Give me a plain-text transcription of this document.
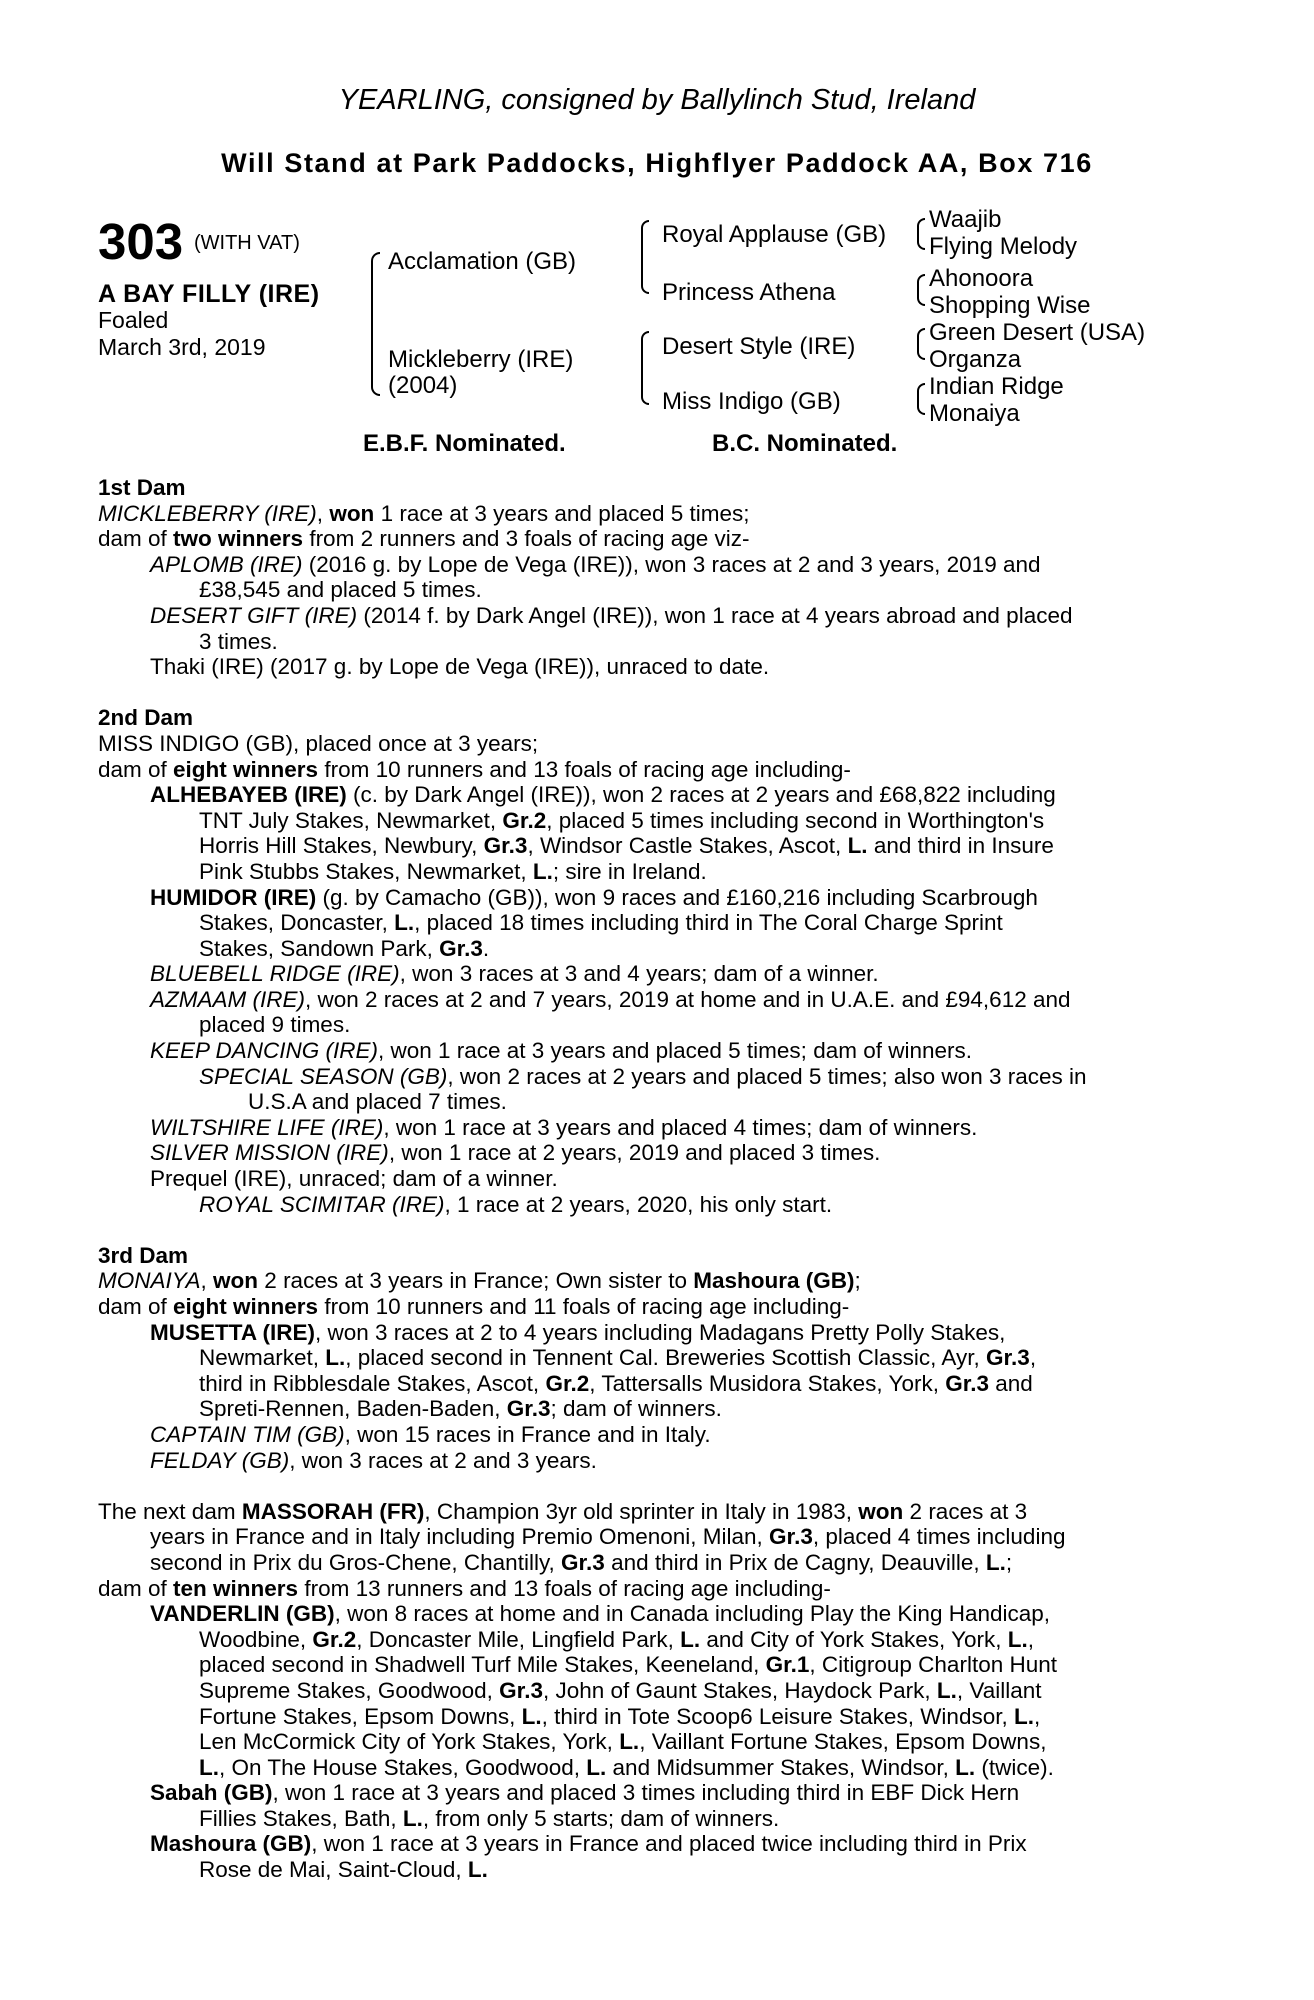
YEARLING, consigned by Ballylinch Stud, Ireland
Will Stand at Park Paddocks, Highflyer Paddock AA, Box 716
303 (WITH VAT)
A BAY FILLY (IRE)
Foaled
March 3rd, 2019
Acclamation (GB)
Mickleberry (IRE)
(2004)
Royal Applause (GB)
Princess Athena
Desert Style (IRE)
Miss Indigo (GB)
Waajib
Flying Melody
Ahonoora
Shopping Wise
Green Desert (USA)
Organza
Indian Ridge
Monaiya
E.B.F. Nominated.	B.C. Nominated.
1st Dam
MICKLEBERRY (IRE), won 1 race at 3 years and placed 5 times;
dam of two winners from 2 runners and 3 foals of racing age viz-
APLOMB (IRE) (2016 g. by Lope de Vega (IRE)), won 3 races at 2 and 3 years, 2019 and
£38,545 and placed 5 times.
DESERT GIFT (IRE) (2014 f. by Dark Angel (IRE)), won 1 race at 4 years abroad and placed
3 times.
Thaki (IRE) (2017 g. by Lope de Vega (IRE)), unraced to date.
2nd Dam
MISS INDIGO (GB), placed once at 3 years;
dam of eight winners from 10 runners and 13 foals of racing age including-
ALHEBAYEB (IRE) (c. by Dark Angel (IRE)), won 2 races at 2 years and £68,822 including
TNT July Stakes, Newmarket, Gr.2, placed 5 times including second in Worthington's
Horris Hill Stakes, Newbury, Gr.3, Windsor Castle Stakes, Ascot, L. and third in Insure
Pink Stubbs Stakes, Newmarket, L.; sire in Ireland.
HUMIDOR (IRE) (g. by Camacho (GB)), won 9 races and £160,216 including Scarbrough
Stakes, Doncaster, L., placed 18 times including third in The Coral Charge Sprint
Stakes, Sandown Park, Gr.3.
BLUEBELL RIDGE (IRE), won 3 races at 3 and 4 years; dam of a winner.
AZMAAM (IRE), won 2 races at 2 and 7 years, 2019 at home and in U.A.E. and £94,612 and
placed 9 times.
KEEP DANCING (IRE), won 1 race at 3 years and placed 5 times; dam of winners.
SPECIAL SEASON (GB), won 2 races at 2 years and placed 5 times; also won 3 races in
U.S.A and placed 7 times.
WILTSHIRE LIFE (IRE), won 1 race at 3 years and placed 4 times; dam of winners.
SILVER MISSION (IRE), won 1 race at 2 years, 2019 and placed 3 times.
Prequel (IRE), unraced; dam of a winner.
ROYAL SCIMITAR (IRE), 1 race at 2 years, 2020, his only start.
3rd Dam
MONAIYA, won 2 races at 3 years in France; Own sister to Mashoura (GB);
dam of eight winners from 10 runners and 11 foals of racing age including-
MUSETTA (IRE), won 3 races at 2 to 4 years including Madagans Pretty Polly Stakes,
Newmarket, L., placed second in Tennent Cal. Breweries Scottish Classic, Ayr, Gr.3,
third in Ribblesdale Stakes, Ascot, Gr.2, Tattersalls Musidora Stakes, York, Gr.3 and
Spreti-Rennen, Baden-Baden, Gr.3; dam of winners.
CAPTAIN TIM (GB), won 15 races in France and in Italy.
FELDAY (GB), won 3 races at 2 and 3 years.
The next dam MASSORAH (FR), Champion 3yr old sprinter in Italy in 1983, won 2 races at 3
years in France and in Italy including Premio Omenoni, Milan, Gr.3, placed 4 times including
second in Prix du Gros-Chene, Chantilly, Gr.3 and third in Prix de Cagny, Deauville, L.;
dam of ten winners from 13 runners and 13 foals of racing age including-
VANDERLIN (GB), won 8 races at home and in Canada including Play the King Handicap,
Woodbine, Gr.2, Doncaster Mile, Lingfield Park, L. and City of York Stakes, York, L.,
placed second in Shadwell Turf Mile Stakes, Keeneland, Gr.1, Citigroup Charlton Hunt
Supreme Stakes, Goodwood, Gr.3, John of Gaunt Stakes, Haydock Park, L., Vaillant
Fortune Stakes, Epsom Downs, L., third in Tote Scoop6 Leisure Stakes, Windsor, L.,
Len McCormick City of York Stakes, York, L., Vaillant Fortune Stakes, Epsom Downs,
L., On The House Stakes, Goodwood, L. and Midsummer Stakes, Windsor, L. (twice).
Sabah (GB), won 1 race at 3 years and placed 3 times including third in EBF Dick Hern
Fillies Stakes, Bath, L., from only 5 starts; dam of winners.
Mashoura (GB), won 1 race at 3 years in France and placed twice including third in Prix
Rose de Mai, Saint-Cloud, L.
